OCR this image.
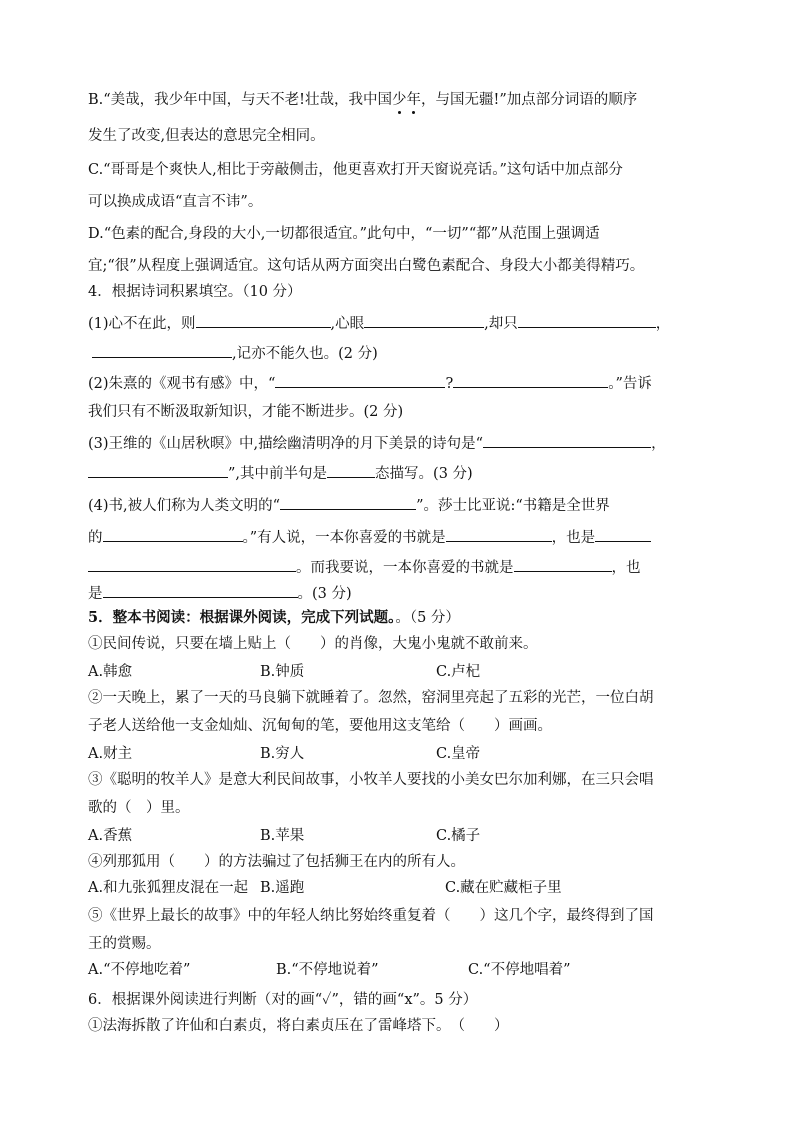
B.“美哉，我少年中国，与天不老!壮哉，我中国少年，与国无疆!”加点部分词语的顺序
发生了改变,但表达的意思完全相同。
C.“哥哥是个爽快人,相比于旁敲侧击，他更喜欢打开天窗说亮话。”这句话中加点部分
可以换成成语“直言不讳”。
D.“色素的配合,身段的大小,一切都很适宜。”此句中，“一切”“都”从范围上强调适
宜;“很”从程度上强调适宜。这句话从两方面突出白鹭色素配合、身段大小都美得精巧。
4．根据诗词积累填空。（10 分）
(1)心不在此，则	,心眼	,却只	，
,记亦不能久也。(2 分)
(2)朱熹的《观书有感》中，“	?	。”告诉
我们只有不断汲取新知识，才能不断进步。(2 分)
(3)王维的《山居秋暝》中,描绘幽清明净的月下美景的诗句是“	，
”,其中前半句是	态描写。(3 分)
(4)书,被人们称为人类文明的“	”。莎士比亚说:“书籍是全世界
的	。”有人说，一本你喜爱的书就是	，也是
。而我要说，一本你喜爱的书就是	，也
是	。(3 分)
5．整本书阅读：根据课外阅读，完成下列试题。。（5 分）
①民间传说，只要在墙上贴上（　　）的肖像，大鬼小鬼就不敢前来。
A.韩愈	B.钟质	C.卢杞
②一天晚上，累了一天的马良躺下就睡着了。忽然，窑洞里亮起了五彩的光芒，一位白胡
子老人送给他一支金灿灿、沉甸甸的笔，要他用这支笔给（　　）画画。
A.财主	B.穷人	C.皇帝
③《聪明的牧羊人》是意大利民间故事，小牧羊人要找的小美女巴尔加利娜，在三只会唱
歌的（　）里。
A.香蕉	B.苹果	C.橘子
④列那狐用（　　）的方法骗过了包括狮王在内的所有人。
A.和九张狐狸皮混在一起 B.遥跑	C.藏在贮藏柜子里
⑤《世界上最长的故事》中的年轻人纳比努始终重复着（　　）这几个字，最终得到了国
王的赏赐。
A.“不停地吃着”	B.“不停地说着”	C.“不停地唱着”
6．根据课外阅读进行判断（对的画“✓”，错的画“x”。5 分）
①法海拆散了许仙和白素贞，将白素贞压在了雷峰塔下。　（　　）
